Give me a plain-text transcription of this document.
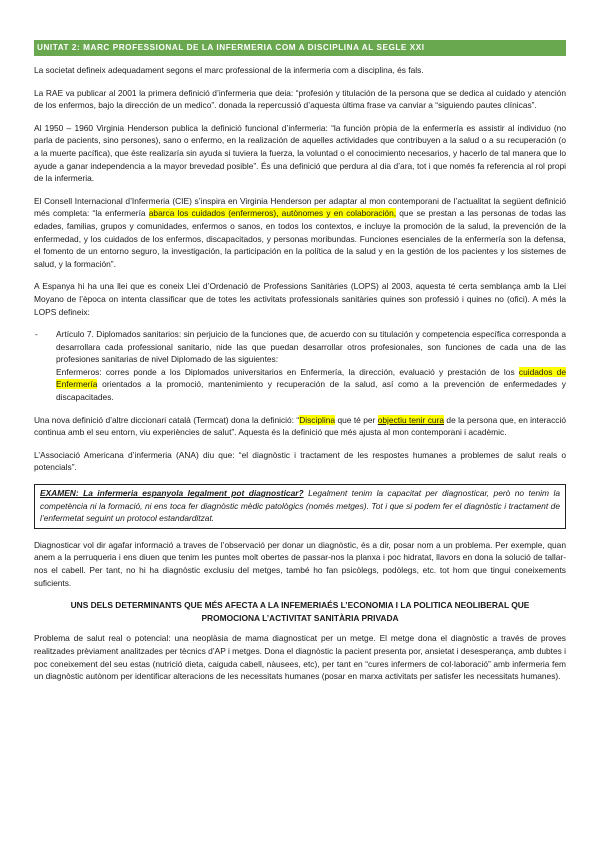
UNITAT 2: MARC PROFESSIONAL DE LA INFERMERIA COM A DISCIPLINA AL SEGLE XXI

La societat defineix adequadament segons el marc professional de la infermeria com a disciplina, és fals.

La RAE va publicar al 2001 la primera definició d’infermeria que deia: “profesión y titulación de la persona que se dedica al cuidado y atención de los enfermos, bajo la dirección de un medico”. donada la repercussió d’aquesta última frase va canviar a “siguiendo pautes clínicas”.

Al 1950 – 1960 Virginia Henderson publica la definició funcional d’infermeria: “la función pròpia de la enfermería es assistir al individuo (no parla de pacients, sino persones), sano o enfermo, en la realización de aquelles actividades que contribuyen a la salud o a su recuperación (o a la muerte pacífica), que éste realizaría sin ayuda si tuviera la fuerza, la voluntad o el conocimiento necesarios, y hacerlo de tal manera que lo ayude a ganar independencia a la mayor brevedad posible”. És una definició que perdura al dia d’ara, tot i que només fa referencia al rol propi de la infermeria.

El Consell Internacional d’Infermeria (CIE) s’inspira en Virginia Henderson per adaptar al mon contemporani de l’actualitat la següent definició més completa: “la enfermería abarca los cuidados (enfermeros), autònomes y en colaboración, que se prestan a las personas de todas las edades, familias, grupos y comunidades, enfermos o sanos, en todos los contextos, e incluye la promoción de la salud, la prevención de la enfermedad, y los cuidados de los enfermos, discapacitados, y personas moribundas. Funciones esenciales de la enfermería son la defensa, el fomento de un entorno seguro, la investigación, la participación en la política de la salud y en la gestión de los pacientes y los sistemes de salud, y la formación”.

A Espanya hi ha una llei que es coneix Llei d’Ordenació de Professions Sanitàries (LOPS) al 2003, aquesta té certa semblança amb la Llei Moyano de l’època on intenta classificar que de totes les activitats professionals sanitàries quines son professió i quines no (ofici). A més la LOPS defineix:

-	Artículo 7. Diplomados sanitarios: sin perjuicio de la funciones que, de acuerdo con su titulación y competencia específica corresponda a desarrollara cada professional sanitario, nide las que puedan desarrollar otros profesionales, son funciones de cada una de las profesiones sanitarias de nivel Diplomado de las siguientes:
Enfermeros: corres ponde a los Diplomados universitarios en Enfermería, la dirección, evaluació y prestación de los cuidados de Enfermería orientados a la promoció, mantenimiento y recuperación de la salud, así como a la prevención de enfermedades y discapacitades.

Una nova definició d’altre diccionari català (Termcat) dona la definició: “Disciplina que té per objectiu tenir cura de la persona que, en interacció continua amb el seu entorn, viu experiències de salut”. Aquesta és la definició que més ajusta al mon contemporani i acadèmic.

L’Associació Americana d’infermeria (ANA) diu que: “el diagnòstic i tractament de les respostes humanes a problemes de salut reals o potencials”.

EXAMEN: La infermeria espanyola legalment pot diagnosticar? Legalment tenim la capacitat per diagnosticar, però no tenim la competència ni la formació, ni ens toca fer diagnòstic mèdic patològics (només metges). Tot i que si podem fer el diagnòstic i tractament de l’enfermetat seguint un protocol estandarditzat.

Diagnosticar vol dir agafar informació a traves de l’observació per donar un diagnòstic, és a dir, posar nom a un problema. Per exemple, quan anem a la perruqueria i ens diuen que tenim les puntes molt obertes de passar-nos la planxa i poc hidratat, llavors en dona la solució de tallar-nos el cabell. Per tant, no hi ha diagnòstic exclusiu del metges, també ho fan psicòlegs, podòlegs, etc. tot hom que tingui coneixements suficients.

UNS DELS DETERMINANTS QUE MÉS AFECTA A LA INFEMERIAÉS L’ECONOMIA I LA POLITICA NEOLIBERAL QUE PROMOCIONA L’ACTIVITAT SANITÀRIA PRIVADA

Problema de salut real o potencial: una neoplàsia de mama diagnosticat per un metge. El metge dona el diagnòstic a través de proves realitzades prèviament analitzades per tècnics d’AP i metges. Dona el diagnòstic la pacient presenta por, ansietat i desesperança, amb dubtes i poc coneixement del seu estas (nutrició dieta, caiguda cabell, nàusees, etc), per tant en “cures infermers de col·laboració” amb infermeria fem un diagnòstic autònom per identificar alteracions de les necessitats humanes (posar en marxa activitats per satisfer les necessitats humanes).
